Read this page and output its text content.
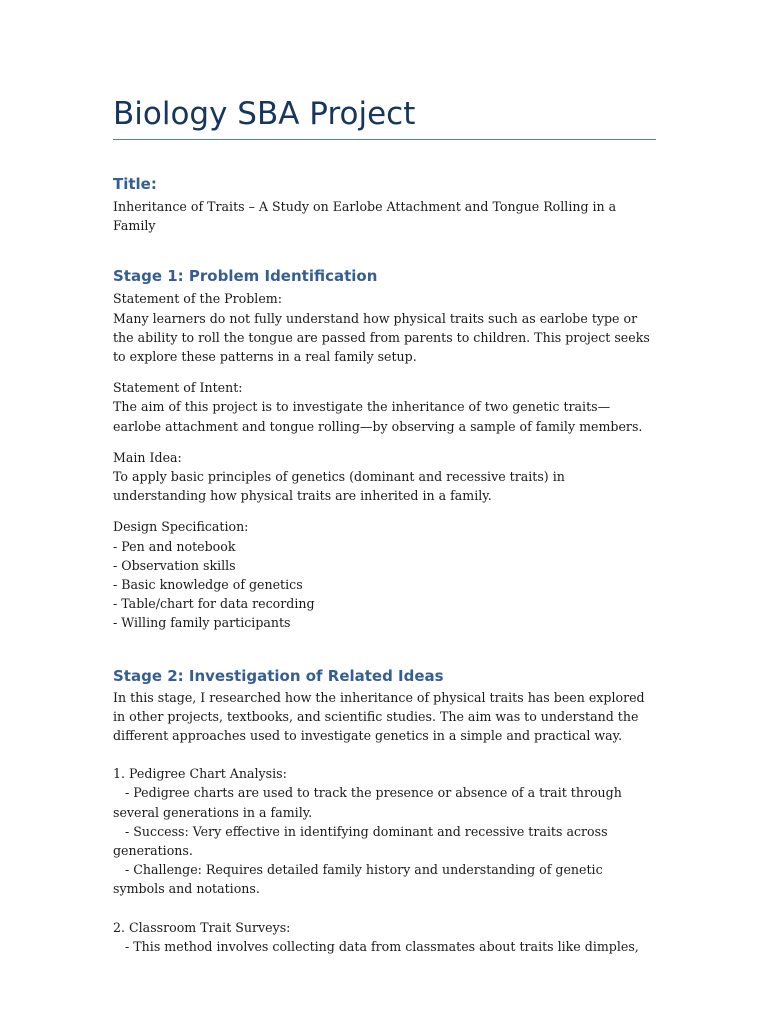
Biology SBA Project
Title:

Inheritance of Traits – A Study on Earlobe Attachment and Tongue Rolling in a Family

Stage 1: Problem Identification

Statement of the Problem:

Many learners do not fully understand how physical traits such as earlobe type or the ability to roll the tongue are passed from parents to children. This project seeks to explore these patterns in a real family setup.

Statement of Intent:

The aim of this project is to investigate the inheritance of two genetic traits—earlobe attachment and tongue rolling—by observing a sample of family members.

Main Idea:

To apply basic principles of genetics (dominant and recessive traits) in understanding how physical traits are inherited in a family.

Design Specification:

- Pen and notebook

- Observation skills

- Basic knowledge of genetics

- Table/chart for data recording

- Willing family participants

Stage 2: Investigation of Related Ideas

In this stage, I researched how the inheritance of physical traits has been explored in other projects, textbooks, and scientific studies. The aim was to understand the different approaches used to investigate genetics in a simple and practical way.

1. Pedigree Chart Analysis:

- Pedigree charts are used to track the presence or absence of a trait through several generations in a family.

- Success: Very effective in identifying dominant and recessive traits across generations.

- Challenge: Requires detailed family history and understanding of genetic symbols and notations.

2. Classroom Trait Surveys:

- This method involves collecting data from classmates about traits like dimples,
